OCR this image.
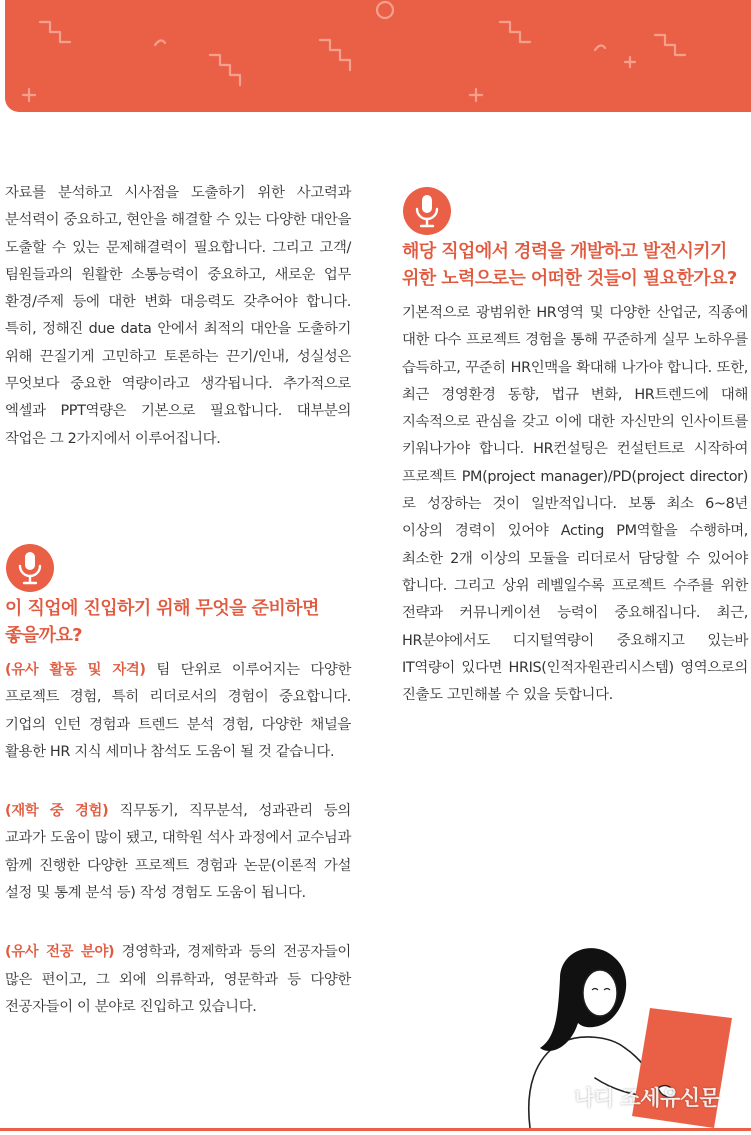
자료를 분석하고 시사점을 도출하기 위한 사고력과 분석력이 중요하고, 현안을 해결할 수 있는 다양한 대안을 도출할 수 있는 문제해결력이 필요합니다. 그리고 고객/팀원들과의 원활한 소통능력이 중요하고, 새로운 업무 환경/주제 등에 대한 변화 대응력도 갖추어야 합니다. 특히, 정해진 due data 안에서 최적의 대안을 도출하기 위해 끈질기게 고민하고 토론하는 끈기/인내, 성실성은 무엇보다 중요한 역량이라고 생각됩니다. 추가적으로 엑셀과 PPT역량은 기본으로 필요합니다. 대부분의 작업은 그 2가지에서 이루어집니다.

이 직업에 진입하기 위해 무엇을 준비하면 좋을까요?

(유사 활동 및 자격) 팀 단위로 이루어지는 다양한 프로젝트 경험, 특히 리더로서의 경험이 중요합니다. 기업의 인턴 경험과 트렌드 분석 경험, 다양한 채널을 활용한 HR 지식 세미나 참석도 도움이 될 것 같습니다.

(재학 중 경험) 직무동기, 직무분석, 성과관리 등의 교과가 도움이 많이 됐고, 대학원 석사 과정에서 교수님과 함께 진행한 다양한 프로젝트 경험과 논문(이론적 가설 설정 및 통계 분석 등) 작성 경험도 도움이 됩니다.

(유사 전공 분야) 경영학과, 경제학과 등의 전공자들이 많은 편이고, 그 외에 의류학과, 영문학과 등 다양한 전공자들이 이 분야로 진입하고 있습니다.

해당 직업에서 경력을 개발하고 발전시키기 위한 노력으로는 어떠한 것들이 필요한가요?

기본적으로 광범위한 HR영역 및 다양한 산업군, 직종에 대한 다수 프로젝트 경험을 통해 꾸준하게 실무 노하우를 습득하고, 꾸준히 HR인맥을 확대해 나가야 합니다. 또한, 최근 경영환경 동향, 법규 변화, HR트렌드에 대해 지속적으로 관심을 갖고 이에 대한 자신만의 인사이트를 키워나가야 합니다. HR컨설팅은 컨설턴트로 시작하여 프로젝트 PM(project manager)/PD(project director)로 성장하는 것이 일반적입니다. 보통 최소 6~8년 이상의 경력이 있어야 Acting PM역할을 수행하며, 최소한 2개 이상의 모듈을 리더로서 담당할 수 있어야 합니다. 그리고 상위 레벨일수록 프로젝트 수주를 위한 전략과 커뮤니케이션 능력이 중요해집니다. 최근, HR분야에서도 디지털역량이 중요해지고 있는바 IT역량이 있다면 HRIS(인적자원관리시스템) 영역으로의 진출도 고민해볼 수 있을 듯합니다.

나디 조세유신문
